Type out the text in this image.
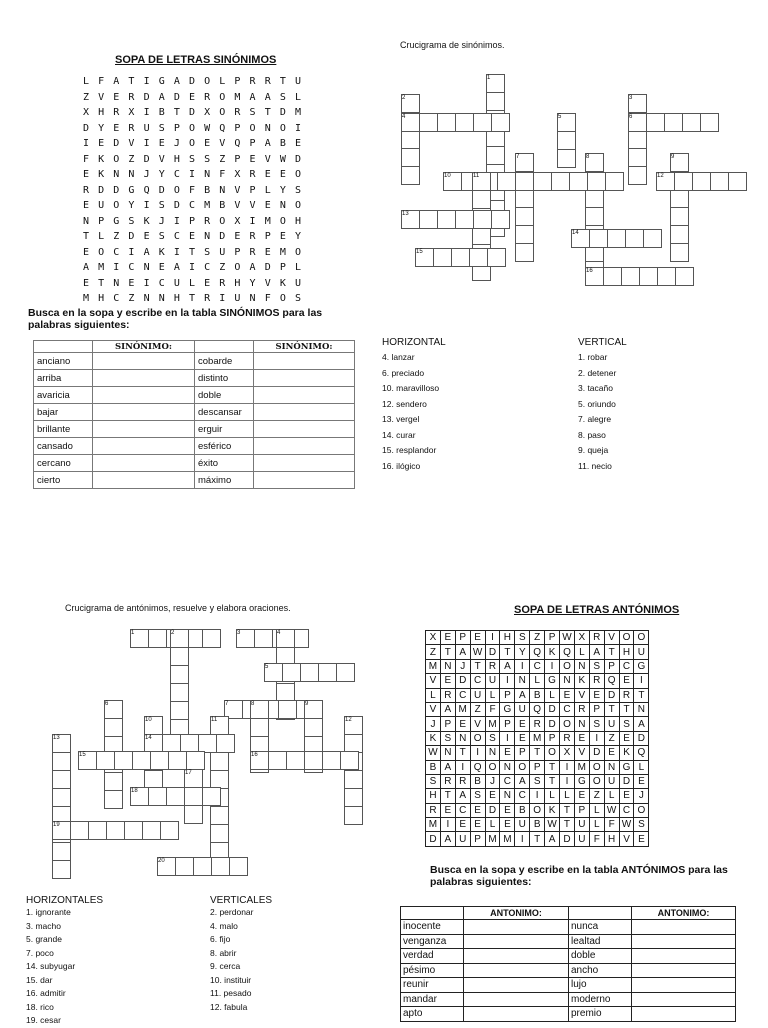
SOPA DE LETRAS SINÓNIMOS
L F A T I G A D O L P R R T U
Z V E R D A D E R O M A A S L
X H R X I B T D X O R S T D M
D Y E R U S P O W Q P O N O I
I E D V I E J O E V Q P A B E
F K O Z D V H S S Z P E V W D
E K N N J Y C I N F X R E E O
R D D G Q D O F B N V P L Y S
E U O Y I S D C M B V V E N O
N P G S K J I P R O X I M O H
T L Z D E S C E N D E R P E Y
E O C I A K I T S U P R E M O
A M I C N E A I C Z O A D P L
E T N E I C U L E R H Y V K U
M H C Z N N H T R I U N F O S
Busca en la sopa y escribe en la tabla SINÓNIMOS para las palabras siguientes:
	SINÓNIMO:		SINÓNIMO:
anciano		cobarde	
arriba		distinto	
avaricia		doble	
bajar		descansar	
brillante		erguir	
cansado		esférico	
cercano		éxito	
cierto		máximo	
Crucigrama de sinónimos.
1
2	3
4	5	6
7	8	9
10	11	12
13
14
15
16
HORIZONTAL
4. lanzar
6. preciado
10. maravilloso
12. sendero
13. vergel
14. curar
15. resplandor
16. ilógico
VERTICAL
1. robar
2. detener
3. tacaño
5. oriundo
7. alegre
8. paso
9. queja
11. necio
Crucigrama de antónimos, resuelve y elabora oraciones.
1	2	3	4
5
6	7	8	9
10	11	12
13	14
15	16
17
18
19
20
HORIZONTALES
1. ignorante
3. macho
5. grande
7. poco
14. subyugar
15. dar
16. admitir
18. rico
19. cesar
VERTICALES
2. perdonar
4. malo
6. fijo
8. abrir
9. cerca
10. instituir
11. pesado
12. fabula
SOPA DE LETRAS ANTÓNIMOS
X	E	P	E	I	H	S	Z	P	W	X	R	V	O	O
Z	T	A	W	D	T	Y	Q	K	Q	L	A	T	H	U
M	N	J	T	R	A	I	C	I	O	N	S	P	C	G
V	E	D	C	U	I	N	L	G	N	K	R	Q	E	I
L	R	C	U	L	P	A	B	L	E	V	E	D	R	T
V	A	M	Z	F	G	U	Q	D	C	R	P	T	T	N
J	P	E	V	M	P	E	R	D	O	N	S	U	S	A
K	S	N	O	S	I	E	M	P	R	E	I	Z	E	D
W	N	T	I	N	E	P	T	O	X	V	D	E	K	Q
B	A	I	Q	O	N	O	P	T	I	M	O	N	G	L
S	R	R	B	J	C	A	S	T	I	G	O	U	D	E
H	T	A	S	E	N	C	I	L	L	E	Z	L	E	J
R	E	C	E	D	E	B	O	K	T	P	L	W	C	O
M	I	E	E	L	E	U	B	W	T	U	L	F	W	S
D	A	U	P	M	M	I	T	A	D	U	F	H	V	E
Busca en la sopa y escribe en la tabla ANTÓNIMOS para las palabras siguientes:
	ANTONIMO:		ANTONIMO:
inocente		nunca	
venganza		lealtad	
verdad		doble	
pésimo		ancho	
reunir		lujo	
mandar		moderno	
apto		premio	
